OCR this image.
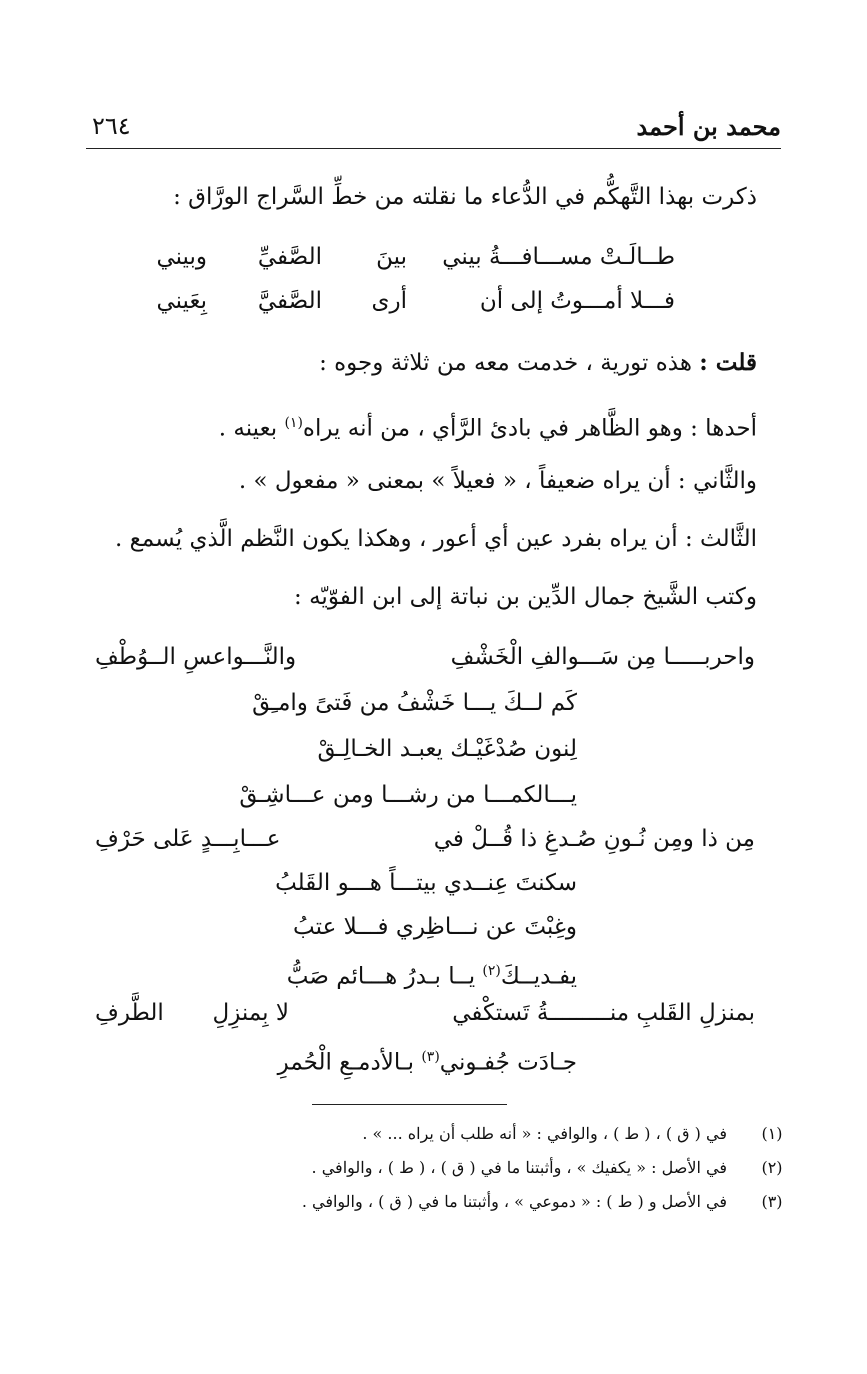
محمد بن أحمد
٢٦٤
ذكرت بهذا التَّهكُّم في الدُّعاء ما نقلته من خطِّ السَّراج الورَّاق :
طــالَـتْ مســـافـــةُ بيني
بينَ
الصَّفيِّ
وبيني
فـــلا أمـــوتُ إلى أن
أرى
الصَّفيَّ
بِعَيني
قلت : هذه تورية ، خدمت معه من ثلاثة وجوه :
أحدها : وهو الظَّاهر في بادئ الرَّأي ، من أنه يراه$^{(١)}$ بعينه .
والثَّاني : أن يراه ضعيفاً ، « فعيلاً » بمعنى « مفعول » .
الثَّالث : أن يراه بفرد عين أي أعور ، وهكذا يكون النَّظم الَّذي يُسمع .
وكتب الشَّيخ جمال الدِّين بن نباتة إلى ابن الفوّيّه :
واحربـــــا مِن سَـــوالفِ الْخَشْفِ
والنَّـــواعسِ الــوُطْفِ
كَم لــكَ يـــا خَشْفُ من فَتىً وامـِقْ
لِنون صُدْغَيْـك يعبـد الخـالِـقْ
يـــالكمـــا من رشـــا ومن عـــاشِـقْ
مِن ذا ومِن نُـونِ صُـدغِ ذا قُــلْ في
عـــابِـــدٍ عَلى حَرْفِ
سكنتَ عِنــدي بيتـــاً هـــو القَلبُ
وغِبْتَ عن نـــاظِري فـــلا عتبُ
يفـديــكَ$^{(٢)}$ يــا بـدرُ هـــائم صَبُّ
بمنزلِ القَلبِ منـــــــــةُ تَستكْفي
لا بِمنزِلِ
الطَّرفِ
جـادَت جُفـوني$^{(٣)}$ بـالأدمـعِ الْحُمرِ
(١)
في ( ق ) ، ( ط ) ، والوافي : « أنه طلب أن يراه ... » .
(٢)
في الأصل : « يكفيك » ، وأثبتنا ما في ( ق ) ، ( ط ) ، والوافي .
(٣)
في الأصل و ( ط ) : « دموعي » ، وأثبتنا ما في ( ق ) ، والوافي .
